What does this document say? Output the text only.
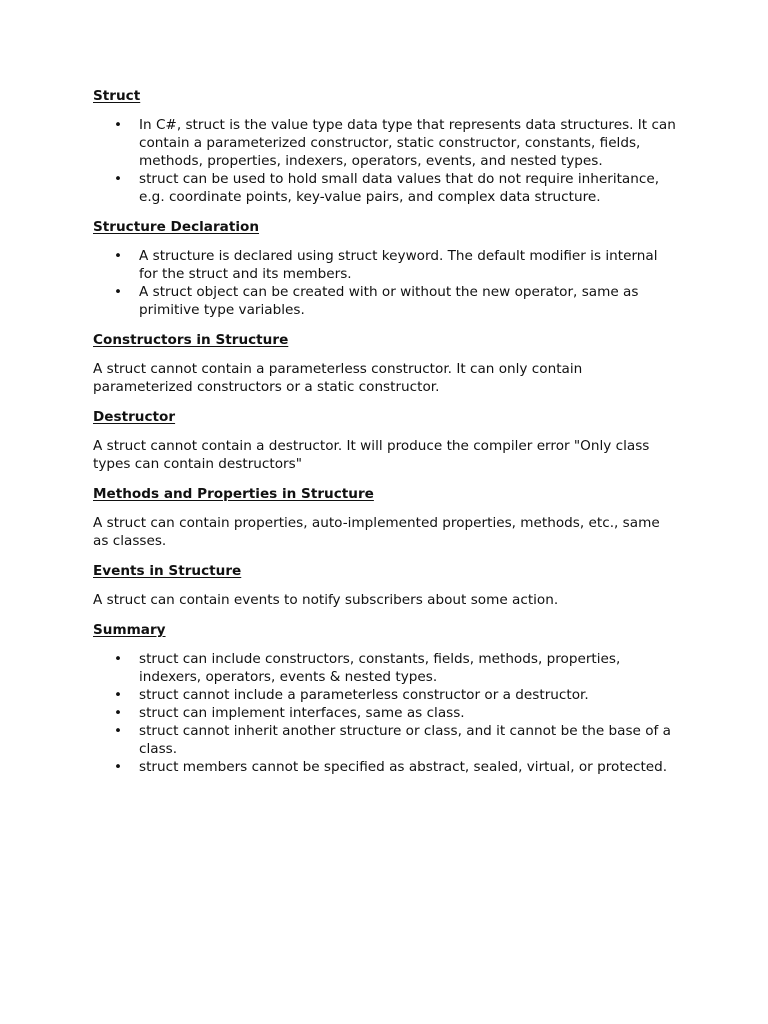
Struct
• In C#, struct is the value type data type that represents data structures. It can contain a parameterized constructor, static constructor, constants, fields, methods, properties, indexers, operators, events, and nested types.
• struct can be used to hold small data values that do not require inheritance, e.g. coordinate points, key-value pairs, and complex data structure.
Structure Declaration
• A structure is declared using struct keyword. The default modifier is internal for the struct and its members.
• A struct object can be created with or without the new operator, same as primitive type variables.
Constructors in Structure
A struct cannot contain a parameterless constructor. It can only contain parameterized constructors or a static constructor.
Destructor
A struct cannot contain a destructor. It will produce the compiler error "Only class types can contain destructors"
Methods and Properties in Structure
A struct can contain properties, auto-implemented properties, methods, etc., same as classes.
Events in Structure
A struct can contain events to notify subscribers about some action.
Summary
• struct can include constructors, constants, fields, methods, properties, indexers, operators, events & nested types.
• struct cannot include a parameterless constructor or a destructor.
• struct can implement interfaces, same as class.
• struct cannot inherit another structure or class, and it cannot be the base of a class.
• struct members cannot be specified as abstract, sealed, virtual, or protected.
